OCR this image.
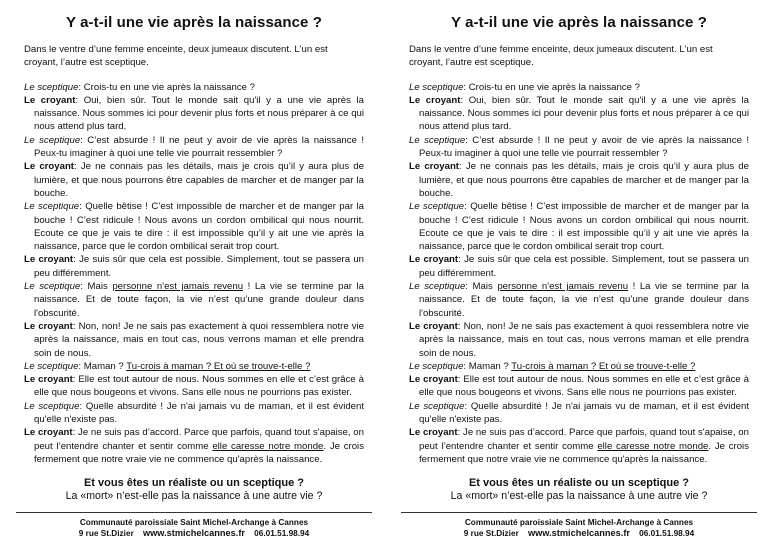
Y a-t-il une vie après la naissance ?
Dans le ventre d’une femme enceinte, deux jumeaux discutent. L'un est croyant, l’autre est sceptique.

Le sceptique: Crois-tu en une vie après la naissance ?

Le croyant: Oui, bien sûr. Tout le monde sait qu'il y a une vie après la naissance. Nous sommes ici pour devenir plus forts et nous préparer à ce qui nous attend plus tard.

Le sceptique: C’est absurde ! Il ne peut y avoir de vie après la naissance ! Peux-tu imaginer à quoi une telle vie pourrait ressembler ?

Le croyant: Je ne connais pas les détails, mais je crois qu’il y aura plus de lumière, et que nous pourrons être capables de marcher et de manger par la bouche.

Le sceptique: Quelle bêtise ! C’est impossible de marcher et de manger par la bouche ! C’est ridicule ! Nous avons un cordon ombilical qui nous nourrit. Ecoute ce que je vais te dire : il est impossible qu’il y ait une vie après la naissance, parce que le cordon ombilical serait trop court.

Le croyant: Je suis sûr que cela est possible. Simplement, tout se passera un peu différemment.

Le sceptique: Mais personne n'est jamais revenu ! La vie se termine par la naissance. Et de toute façon, la vie n’est qu’une grande douleur dans l'obscurité.

Le croyant: Non, non! Je ne sais pas exactement à quoi ressemblera notre vie après la naissance, mais en tout cas, nous verrons maman et elle prendra soin de nous.

Le sceptique: Maman ? Tu-crois à maman ? Et où se trouve-t-elle ?

Le croyant: Elle est tout autour de nous. Nous sommes en elle et c’est grâce à elle que nous bougeons et vivons. Sans elle nous ne pourrions pas exister.

Le sceptique: Quelle absurdité ! Je n'ai jamais vu de maman, et il est évident qu'elle n'existe pas.

Le croyant: Je ne suis pas d’accord. Parce que parfois, quand tout s'apaise, on peut l’entendre chanter et sentir comme elle caresse notre monde. Je crois fermement que notre vraie vie ne commence qu'après la naissance.

Et vous êtes un réaliste ou un sceptique ?
La «mort» n’est-elle pas la naissance à une autre vie ?
Communauté paroissiale Saint Michel-Archange à Cannes
9 rue St.Dizier www.stmichelcannes.fr 06.01.51.98.94
Y a-t-il une vie après la naissance ?
Dans le ventre d’une femme enceinte, deux jumeaux discutent. L'un est croyant, l’autre est sceptique.

Le sceptique: Crois-tu en une vie après la naissance ?

Le croyant: Oui, bien sûr. Tout le monde sait qu'il y a une vie après la naissance. Nous sommes ici pour devenir plus forts et nous préparer à ce qui nous attend plus tard.

Le sceptique: C’est absurde ! Il ne peut y avoir de vie après la naissance ! Peux-tu imaginer à quoi une telle vie pourrait ressembler ?

Le croyant: Je ne connais pas les détails, mais je crois qu’il y aura plus de lumière, et que nous pourrons être capables de marcher et de manger par la bouche.

Le sceptique: Quelle bêtise ! C’est impossible de marcher et de manger par la bouche ! C’est ridicule ! Nous avons un cordon ombilical qui nous nourrit. Ecoute ce que je vais te dire : il est impossible qu’il y ait une vie après la naissance, parce que le cordon ombilical serait trop court.

Le croyant: Je suis sûr que cela est possible. Simplement, tout se passera un peu différemment.

Le sceptique: Mais personne n'est jamais revenu ! La vie se termine par la naissance. Et de toute façon, la vie n’est qu’une grande douleur dans l'obscurité.

Le croyant: Non, non! Je ne sais pas exactement à quoi ressemblera notre vie après la naissance, mais en tout cas, nous verrons maman et elle prendra soin de nous.

Le sceptique: Maman ? Tu-crois à maman ? Et où se trouve-t-elle ?

Le croyant: Elle est tout autour de nous. Nous sommes en elle et c’est grâce à elle que nous bougeons et vivons. Sans elle nous ne pourrions pas exister.

Le sceptique: Quelle absurdité ! Je n'ai jamais vu de maman, et il est évident qu'elle n'existe pas.

Le croyant: Je ne suis pas d’accord. Parce que parfois, quand tout s'apaise, on peut l’entendre chanter et sentir comme elle caresse notre monde. Je crois fermement que notre vraie vie ne commence qu'après la naissance.

Et vous êtes un réaliste ou un sceptique ?
La «mort» n’est-elle pas la naissance à une autre vie ?
Communauté paroissiale Saint Michel-Archange à Cannes
9 rue St.Dizier www.stmichelcannes.fr 06.01.51.98.94
